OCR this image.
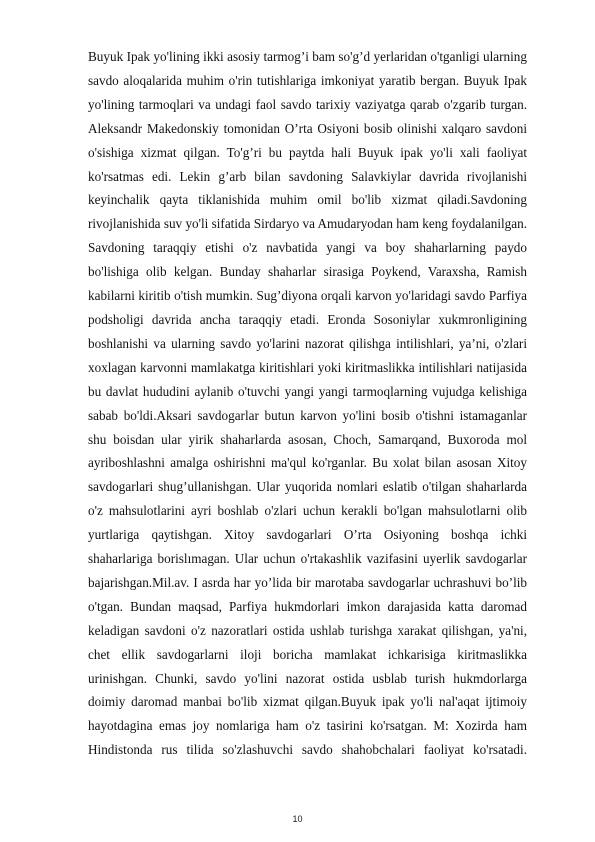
Buyuk Ipak yo'lining ikki asosiy tarmog’i bam so'g’d yerlaridan o'tganligi ularning
savdo aloqalarida muhim o'rin tutishlariga imkoniyat yaratib bergan. Buyuk Ipak
yo'lining tarmoqlari va undagi faol savdo tarixiy vaziyatga qarab o'zgarib turgan.
Aleksandr Makedonskiy tomonidan O’rta Osiyoni bosib olinishi xalqaro savdoni
o'sishiga xizmat qilgan. To'g’ri bu paytda hali Buyuk ipak yo'li xali faoliyat
ko'rsatmas edi. Lekin g’arb bilan savdoning Salavkiylar davrida rivojlanishi
keyinchalik qayta tiklanishida muhim omil bo'lib xizmat qiladi.Savdoning
rivojlanishida suv yo'li sifatida Sirdaryo va Amudaryodan ham keng foydalanilgan.
Savdoning taraqqiy etishi o'z navbatida yangi va boy shaharlarning paydo
bo'lishiga olib kelgan. Bunday shaharlar sirasiga Poykend, Varaxsha, Ramish
kabilarni kiritib o'tish mumkin. Sug’diyona orqali karvon yo'laridagi savdo Parfiya
podsholigi davrida ancha taraqqiy etadi. Eronda Sosoniylar xukmronligining
boshlanishi va ularning savdo yo'larini nazorat qilishga intilishlari, ya’ni, o'zlari
xoxlagan karvonni mamlakatga kiritishlari yoki kiritmaslikka intilishlari natijasida
bu davlat hududini aylanib o'tuvchi yangi yangi tarmoqlarning vujudga kelishiga
sabab bo'ldi.Aksari savdogarlar butun karvon yo'lini bosib o'tishni istamaganlar
shu boisdan ular yirik shaharlarda asosan, Choch, Samarqand, Buxoroda mol
ayriboshlashni amalga oshirishni ma'qul ko'rganlar. Bu xolat bilan asosan Xitoy
savdogarlari shug’ullanishgan. Ular yuqorida nomlari eslatib o'tilgan shaharlarda
o'z mahsulotlarini ayri boshlab o'zlari uchun kerakli bo'lgan mahsulotlarni olib
yurtlariga qaytishgan. Xitoy savdogarlari O’rta Osiyoning boshqa ichki
shaharlariga borislımagan. Ular uchun o'rtakashlik vazifasini uyerlik savdogarlar
bajarishgan.Mil.av. I asrda har yo’lida bir marotaba savdogarlar uchrashuvi bo’lib
o'tgan. Bundan maqsad, Parfiya hukmdorlari imkon darajasida katta daromad
keladigan savdoni o'z nazoratlari ostida ushlab turishga xarakat qilishgan, ya'ni,
chet ellik savdogarlarni iloji boricha mamlakat ichkarisiga kiritmaslikka
urinishgan. Chunki, savdo yo'lini nazorat ostida usblab turish hukmdorlarga
doimiy daromad manbai bo'lib xizmat qilgan.Buyuk ipak yo'li nal'aqat ijtimoiy
hayotdagina emas joy nomlariga ham o'z tasirini ko'rsatgan. M: Xozirda ham
Hindistonda rus tilida so'zlashuvchi savdo shahobchalari faoliyat ko'rsatadi.
10
